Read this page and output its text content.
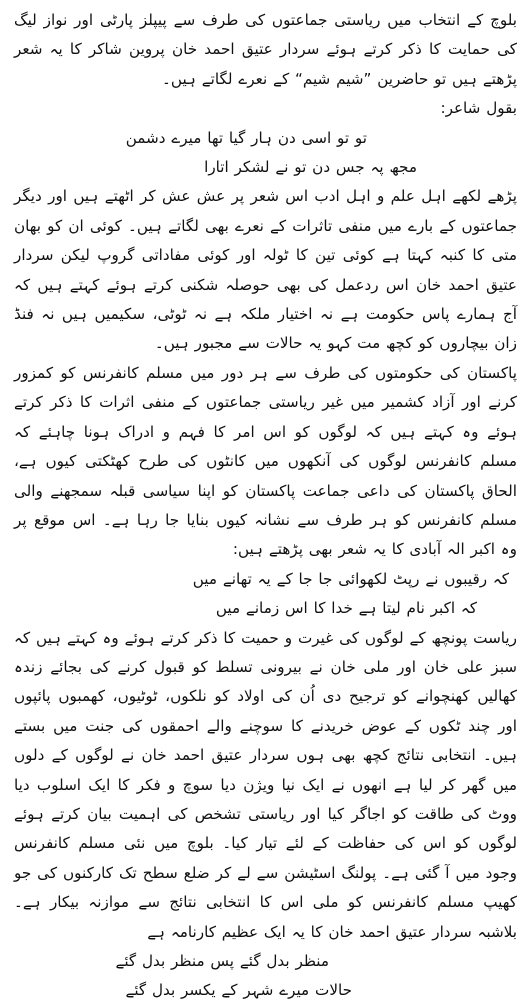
بلوچ کے انتخاب میں ریاستی جماعتوں کی طرف سے پیپلز پارٹی اور نواز لیگ کی حمایت کا ذکر کرتے ہوئے سردار عتیق احمد خان پروین شاکر کا یہ شعر پڑھتے ہیں تو حاضرین ”شیم شیم“ کے نعرے لگاتے ہیں۔

بقول شاعر:

تو تو اسی دن ہار گیا تھا میرے دشمن
مجھ پہ جس دن تو نے لشکر اتارا

پڑھے لکھے اہل علم و اہل ادب اس شعر پر عش عش کر اٹھتے ہیں اور دیگر جماعتوں کے بارے میں منفی تاثرات کے نعرے بھی لگاتے ہیں۔ کوئی ان کو بھان متی کا کنبہ کہتا ہے کوئی تین کا ٹولہ اور کوئی مفاداتی گروپ لیکن سردار عتیق احمد خان اس ردعمل کی بھی حوصلہ شکنی کرتے ہوئے کہتے ہیں کہ آج ہمارے پاس حکومت ہے نہ اختیار ملکہ ہے نہ ٹوٹی، سکیمیں ہیں نہ فنڈ زان بیچاروں کو کچھ مت کہو یہ حالات سے مجبور ہیں۔

پاکستان کی حکومتوں کی طرف سے ہر دور میں مسلم کانفرنس کو کمزور کرنے اور آزاد کشمیر میں غیر ریاستی جماعتوں کے منفی اثرات کا ذکر کرتے ہوئے وہ کہتے ہیں کہ لوگوں کو اس امر کا فہم و ادراک ہونا چاہئے کہ مسلم کانفرنس لوگوں کی آنکھوں میں کانٹوں کی طرح کھٹکتی کیوں ہے، الحاق پاکستان کی داعی جماعت پاکستان کو اپنا سیاسی قبلہ سمجھنے والی مسلم کانفرنس کو ہر طرف سے نشانہ کیوں بنایا جا رہا ہے۔ اس موقع پر وہ اکبر الہ آبادی کا یہ شعر بھی پڑھتے ہیں:

کہ رقیبوں نے رپٹ لکھوائی جا جا کے یہ تھانے میں
کہ اکبر نام لیتا ہے خدا کا اس زمانے میں

ریاست پونچھ کے لوگوں کی غیرت و حمیت کا ذکر کرتے ہوئے وہ کہتے ہیں کہ سبز علی خان اور ملی خان نے بیرونی تسلط کو قبول کرنے کی بجائے زندہ کھالیں کھنچوانے کو ترجیح دی اُن کی اولاد کو نلکوں، ٹوٹیوں، کھمبوں پائپوں اور چند ٹکوں کے عوض خریدنے کا سوچنے والے احمقوں کی جنت میں بستے ہیں۔ انتخابی نتائج کچھ بھی ہوں سردار عتیق احمد خان نے لوگوں کے دلوں میں گھر کر لیا ہے انھوں نے ایک نیا ویژن دیا سوچ و فکر کا ایک اسلوب دیا ووٹ کی طاقت کو اجاگر کیا اور ریاستی تشخص کی اہمیت بیان کرتے ہوئے لوگوں کو اس کی حفاظت کے لئے تیار کیا۔ بلوچ میں نئی مسلم کانفرنس وجود میں آ گئی ہے۔ پولنگ اسٹیشن سے لے کر ضلع سطح تک کارکنوں کی جو کھیپ مسلم کانفرنس کو ملی اس کا انتخابی نتائج سے موازنہ بیکار ہے۔ بلاشبہ سردار عتیق احمد خان کا یہ ایک عظیم کارنامہ ہے

منظر بدل گئے پس منظر بدل گئے
حالات میرے شہر کے یکسر بدل گئے
